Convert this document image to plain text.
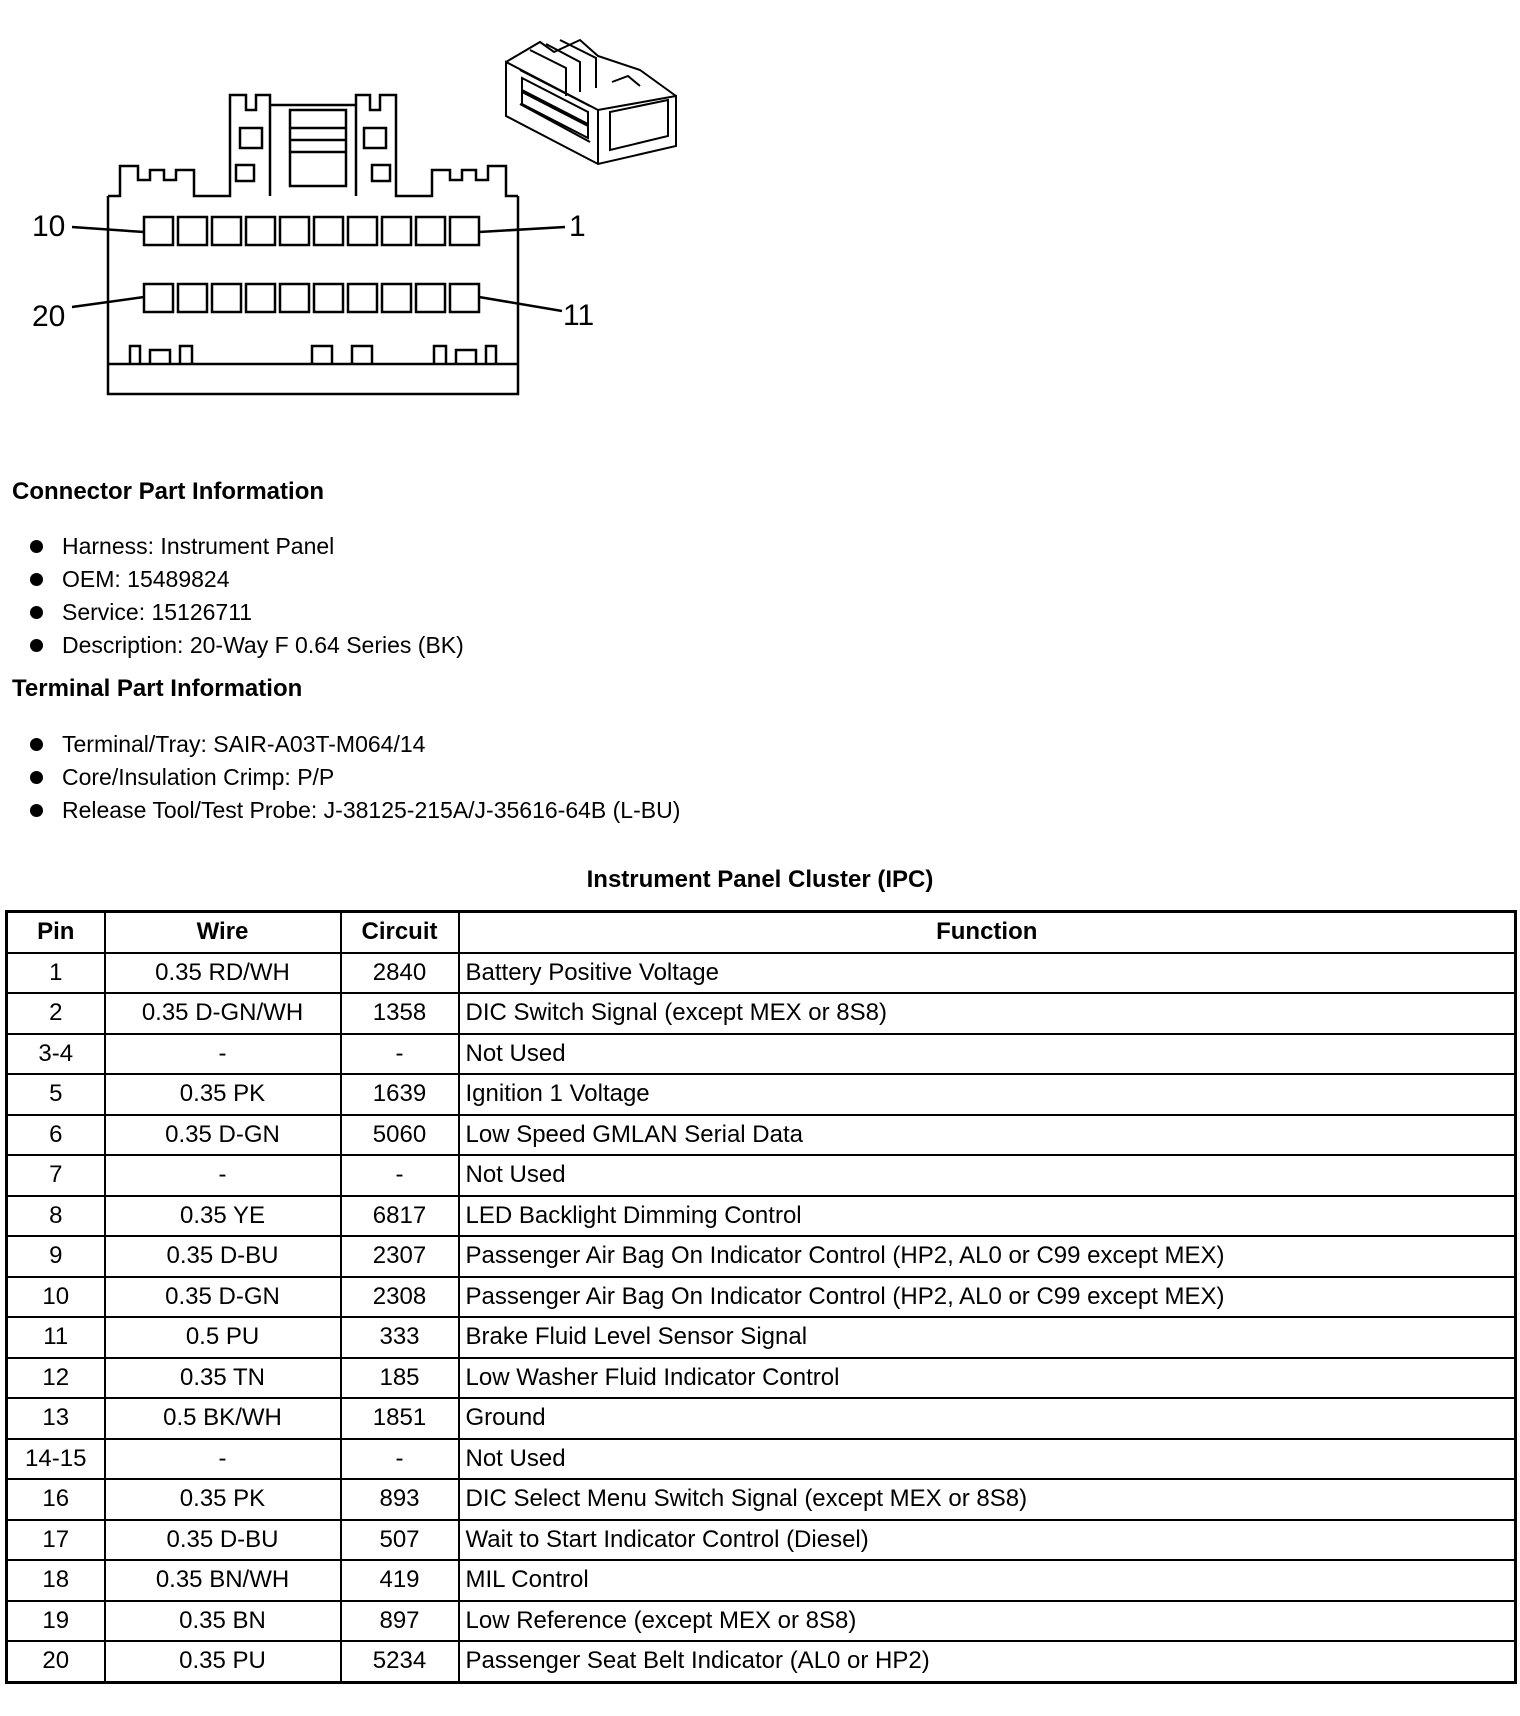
10	1
20	11
Connector Part Information
Harness: Instrument Panel
OEM: 15489824
Service: 15126711
Description: 20-Way F 0.64 Series (BK)
Terminal Part Information
Terminal/Tray: SAIR-A03T-M064/14
Core/Insulation Crimp: P/P
Release Tool/Test Probe: J-38125-215A/J-35616-64B (L-BU)
Instrument Panel Cluster (IPC)
Pin	Wire	Circuit	Function
1	0.35 RD/WH	2840	Battery Positive Voltage
2	0.35 D-GN/WH	1358	DIC Switch Signal (except MEX or 8S8)
3-4	-	-	Not Used
5	0.35 PK	1639	Ignition 1 Voltage
6	0.35 D-GN	5060	Low Speed GMLAN Serial Data
7	-	-	Not Used
8	0.35 YE	6817	LED Backlight Dimming Control
9	0.35 D-BU	2307	Passenger Air Bag On Indicator Control (HP2, AL0 or C99 except MEX)
10	0.35 D-GN	2308	Passenger Air Bag On Indicator Control (HP2, AL0 or C99 except MEX)
11	0.5 PU	333	Brake Fluid Level Sensor Signal
12	0.35 TN	185	Low Washer Fluid Indicator Control
13	0.5 BK/WH	1851	Ground
14-15	-	-	Not Used
16	0.35 PK	893	DIC Select Menu Switch Signal (except MEX or 8S8)
17	0.35 D-BU	507	Wait to Start Indicator Control (Diesel)
18	0.35 BN/WH	419	MIL Control
19	0.35 BN	897	Low Reference (except MEX or 8S8)
20	0.35 PU	5234	Passenger Seat Belt Indicator (AL0 or HP2)
